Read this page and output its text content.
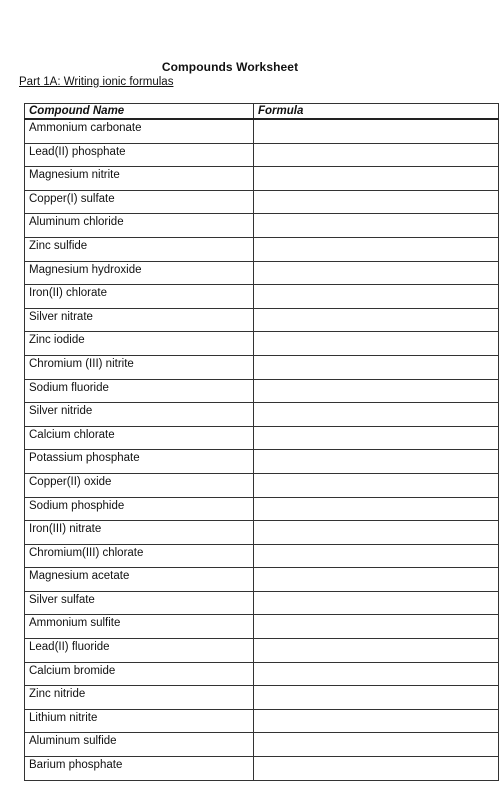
Compounds Worksheet
Part 1A: Writing ionic formulas
Compound Name	Formula
Ammonium carbonate	
Lead(II) phosphate	
Magnesium nitrite	
Copper(I) sulfate	
Aluminum chloride	
Zinc sulfide	
Magnesium hydroxide	
Iron(II) chlorate	
Silver nitrate	
Zinc iodide	
Chromium (III) nitrite	
Sodium fluoride	
Silver nitride	
Calcium chlorate	
Potassium phosphate	
Copper(II) oxide	
Sodium phosphide	
Iron(III) nitrate	
Chromium(III) chlorate	
Magnesium acetate	
Silver sulfate	
Ammonium sulfite	
Lead(II) fluoride	
Calcium bromide	
Zinc nitride	
Lithium nitrite	
Aluminum sulfide	
Barium phosphate	
